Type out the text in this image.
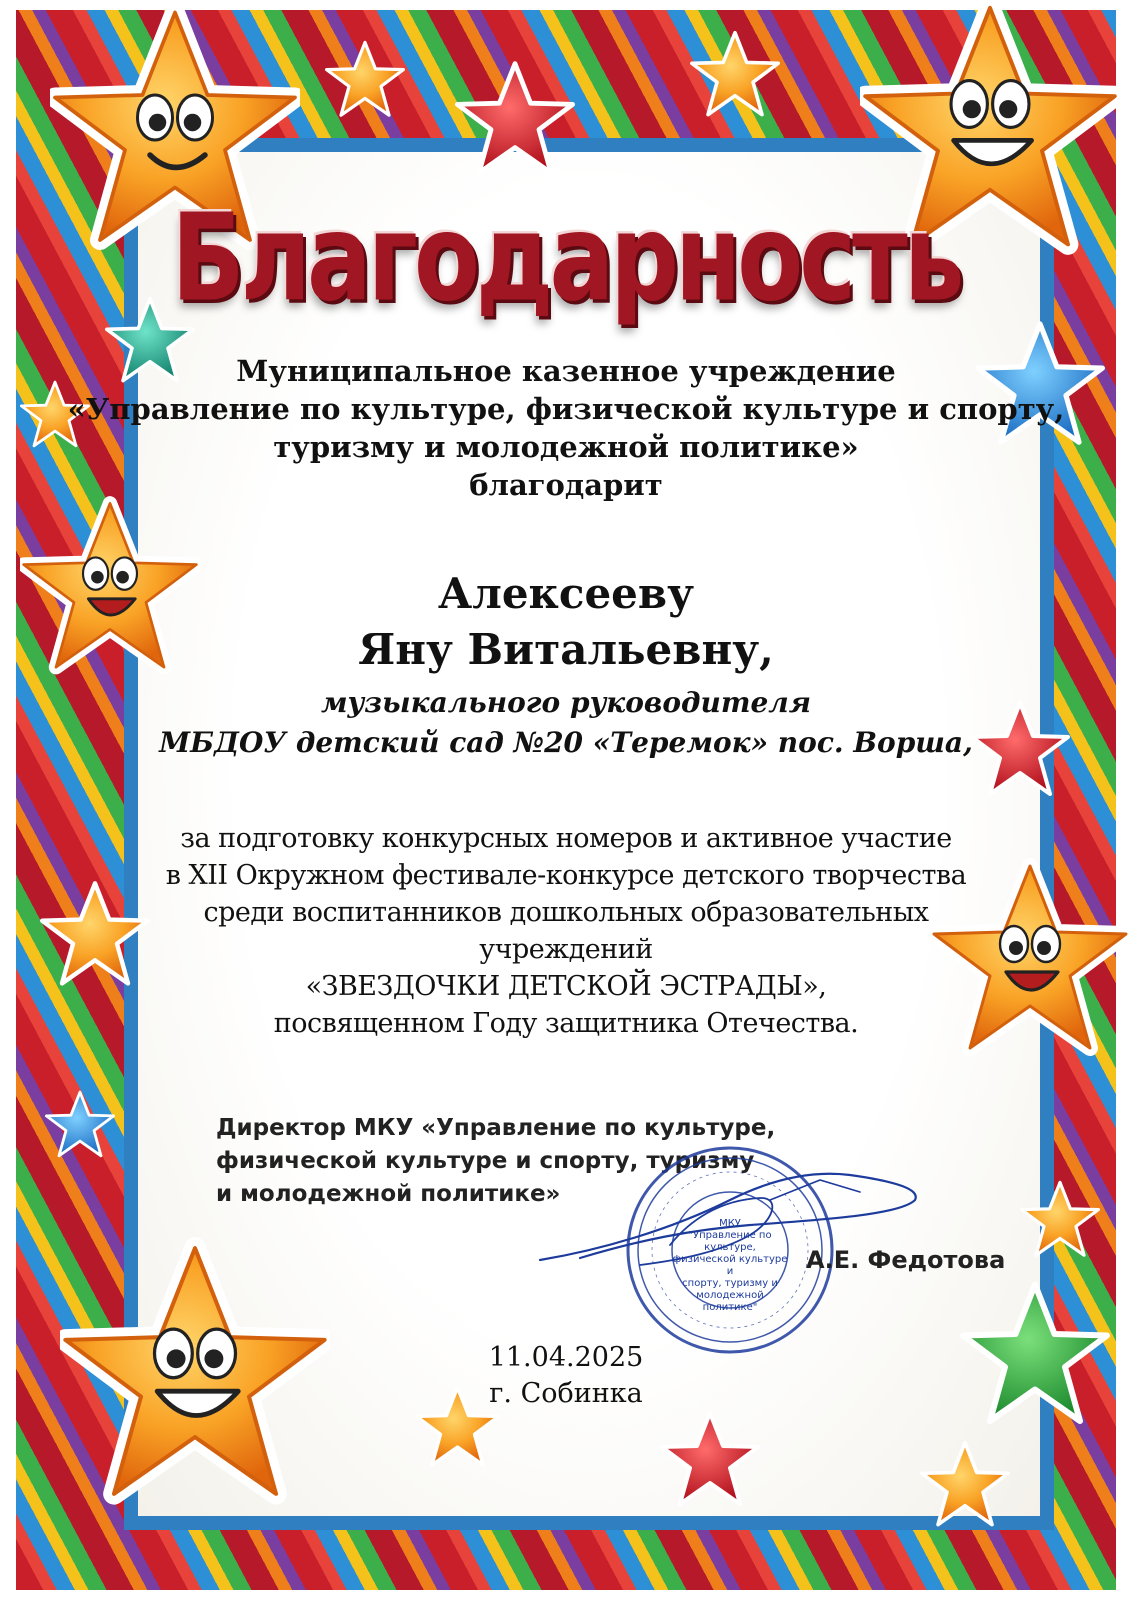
Благодарность
Муниципальное казенное учреждение
«Управление по культуре, физической культуре и спорту,
туризму и молодежной политике»
благодарит
Алексееву
Яну Витальевну,
музыкального руководителя
МБДОУ детский сад №20 «Теремок» пос. Ворша,
за подготовку конкурсных номеров и активное участие
в XII Окружном фестивале-конкурсе детского творчества
среди воспитанников дошкольных образовательных
учреждений
«ЗВЕЗДОЧКИ ДЕТСКОЙ ЭСТРАДЫ»,
посвященном Году защитника Отечества.
Директор МКУ «Управление по культуре,
физической культуре и спорту, туризму
и молодежной политике»
МКУ
"Управление по культуре,
физической культуре и
спорту, туризму и
молодежной политике"
А.Е. Федотова
11.04.2025
г. Собинка
